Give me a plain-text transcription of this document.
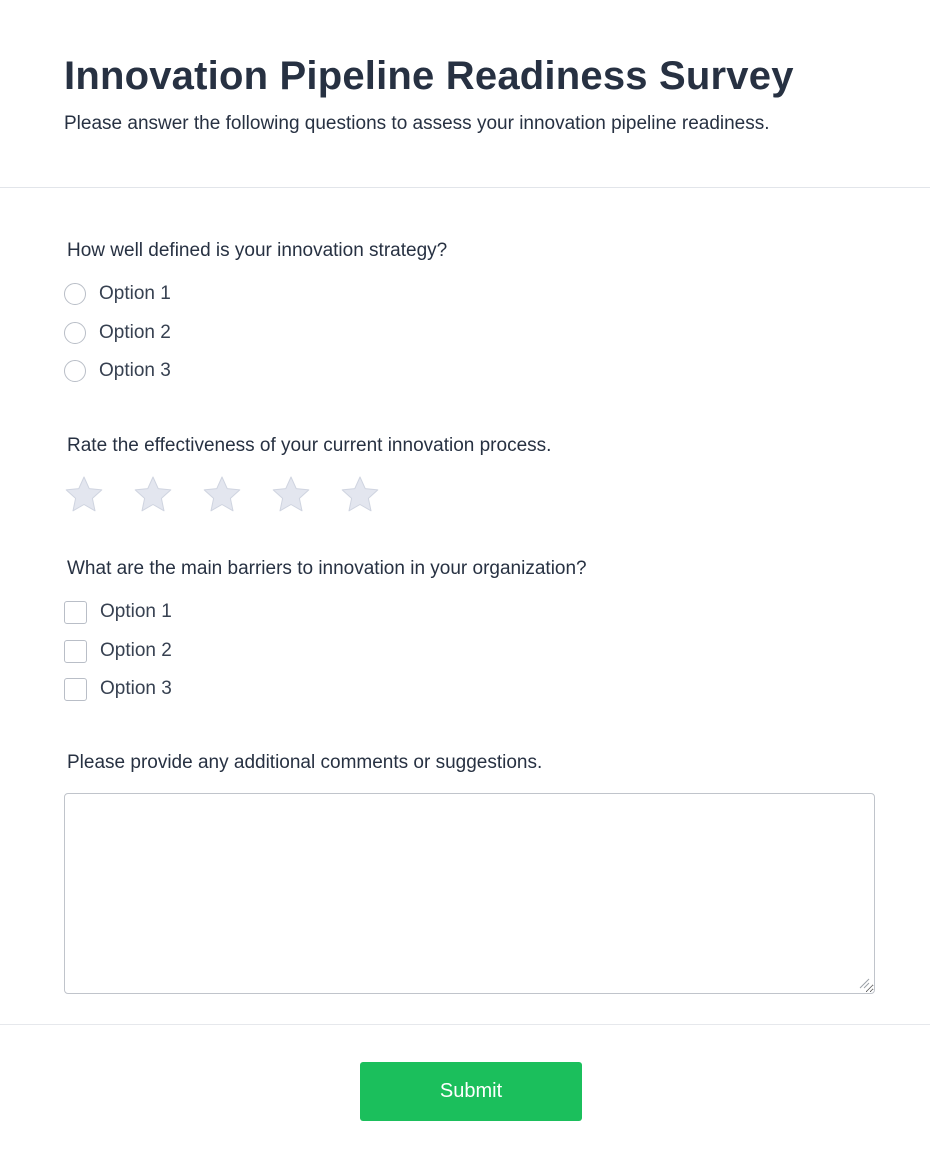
Innovation Pipeline Readiness Survey

Please answer the following questions to assess your innovation pipeline readiness.

How well defined is your innovation strategy?

Option 1
Option 2
Option 3

Rate the effectiveness of your current innovation process.

What are the main barriers to innovation in your organization?

Option 1
Option 2
Option 3

Please provide any additional comments or suggestions.

Submit
